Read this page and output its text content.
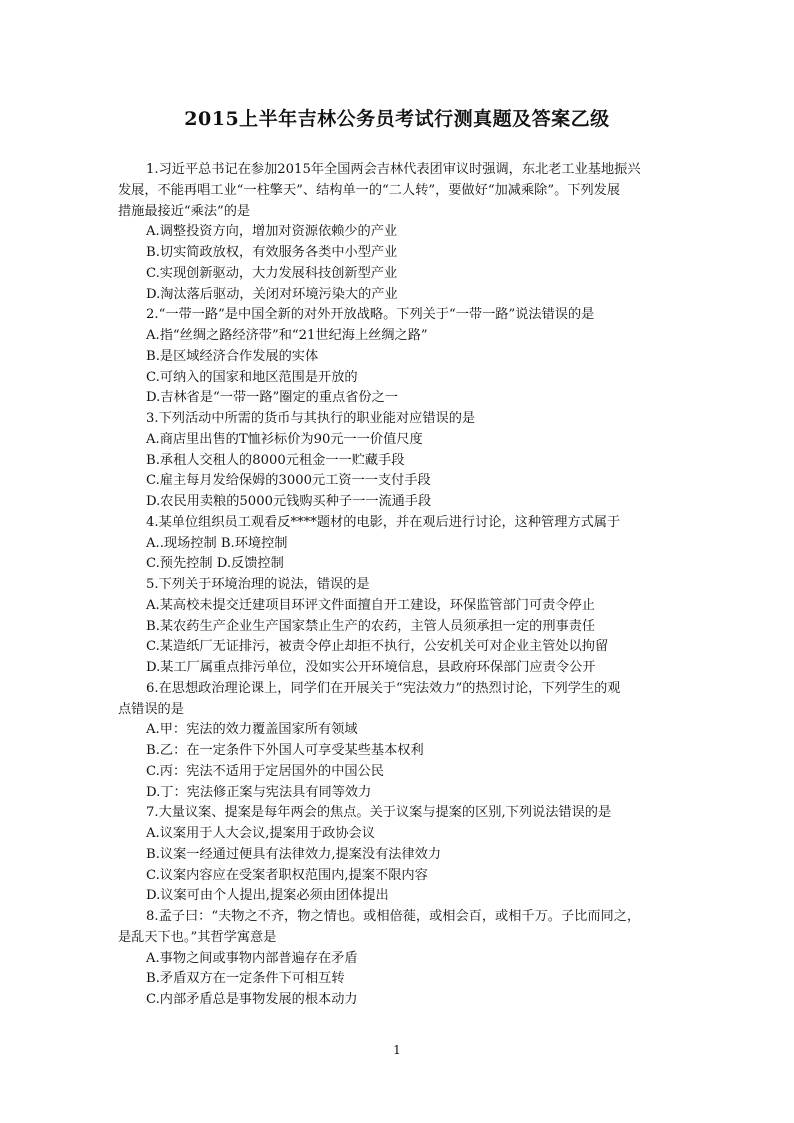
2015上半年吉林公务员考试行测真题及答案乙级
1.习近平总书记在参加2015年全国两会吉林代表团审议时强调，东北老工业基地振兴
发展，不能再唱工业“一柱擎天”、结构单一的“二人转”，要做好“加减乘除”。下列发展
措施最接近“乘法”的是
A.调整投资方向，增加对资源依赖少的产业
B.切实简政放权，有效服务各类中小型产业
C.实现创新驱动，大力发展科技创新型产业
D.淘汰落后驱动，关闭对环境污染大的产业
2.“一带一路”是中国全新的对外开放战略。下列关于“一带一路”说法错误的是
A.指“丝绸之路经济带”和“21世纪海上丝绸之路”
B.是区域经济合作发展的实体
C.可纳入的国家和地区范围是开放的
D.吉林省是“一带一路”圈定的重点省份之一
3.下列活动中所需的货币与其执行的职业能对应错误的是
A.商店里出售的T恤衫标价为90元一一价值尺度
B.承租人交租人的8000元租金一一贮藏手段
C.雇主每月发给保姆的3000元工资一一支付手段
D.农民用卖粮的5000元钱购买种子一一流通手段
4.某单位组织员工观看反****题材的电影，并在观后进行讨论，这种管理方式属于
A..现场控制 B.环境控制
C.预先控制 D.反馈控制
5.下列关于环境治理的说法，错误的是
A.某高校未提交迁建项目环评文件面擅自开工建设，环保监管部门可责令停止
B.某农药生产企业生产国家禁止生产的农药，主管人员须承担一定的刑事责任
C.某造纸厂无证排污，被责令停止却拒不执行，公安机关可对企业主管处以拘留
D.某工厂属重点排污单位，没如实公开环境信息，县政府环保部门应责令公开
6.在思想政治理论课上，同学们在开展关于“宪法效力”的热烈讨论，下列学生的观
点错误的是
A.甲：宪法的效力覆盖国家所有领域
B.乙：在一定条件下外国人可享受某些基本权利
C.丙：宪法不适用于定居国外的中国公民
D.丁：宪法修正案与宪法具有同等效力
7.大量议案、提案是每年两会的焦点。关于议案与提案的区别,下列说法错误的是
A.议案用于人大会议,提案用于政协会议
B.议案一经通过便具有法律效力,提案没有法律效力
C.议案内容应在受案者职权范围内,提案不限内容
D.议案可由个人提出,提案必须由团体提出
8.孟子曰：“夫物之不齐，物之情也。或相倍蓰，或相会百，或相千万。子比而同之，
是乱天下也。”其哲学寓意是
A.事物之间或事物内部普遍存在矛盾
B.矛盾双方在一定条件下可相互转
C.内部矛盾总是事物发展的根本动力
1
